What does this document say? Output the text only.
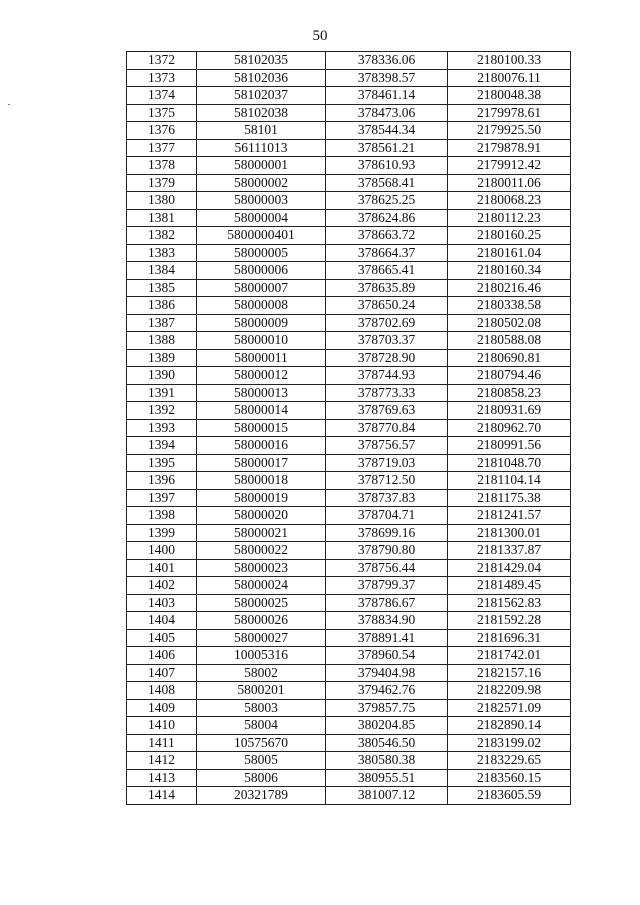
50
1372	58102035	378336.06	2180100.33
1373	58102036	378398.57	2180076.11
1374	58102037	378461.14	2180048.38
1375	58102038	378473.06	2179978.61
1376	58101	378544.34	2179925.50
1377	56111013	378561.21	2179878.91
1378	58000001	378610.93	2179912.42
1379	58000002	378568.41	2180011.06
1380	58000003	378625.25	2180068.23
1381	58000004	378624.86	2180112.23
1382	5800000401	378663.72	2180160.25
1383	58000005	378664.37	2180161.04
1384	58000006	378665.41	2180160.34
1385	58000007	378635.89	2180216.46
1386	58000008	378650.24	2180338.58
1387	58000009	378702.69	2180502.08
1388	58000010	378703.37	2180588.08
1389	58000011	378728.90	2180690.81
1390	58000012	378744.93	2180794.46
1391	58000013	378773.33	2180858.23
1392	58000014	378769.63	2180931.69
1393	58000015	378770.84	2180962.70
1394	58000016	378756.57	2180991.56
1395	58000017	378719.03	2181048.70
1396	58000018	378712.50	2181104.14
1397	58000019	378737.83	2181175.38
1398	58000020	378704.71	2181241.57
1399	58000021	378699.16	2181300.01
1400	58000022	378790.80	2181337.87
1401	58000023	378756.44	2181429.04
1402	58000024	378799.37	2181489.45
1403	58000025	378786.67	2181562.83
1404	58000026	378834.90	2181592.28
1405	58000027	378891.41	2181696.31
1406	10005316	378960.54	2181742.01
1407	58002	379404.98	2182157.16
1408	5800201	379462.76	2182209.98
1409	58003	379857.75	2182571.09
1410	58004	380204.85	2182890.14
1411	10575670	380546.50	2183199.02
1412	58005	380580.38	2183229.65
1413	58006	380955.51	2183560.15
1414	20321789	381007.12	2183605.59
